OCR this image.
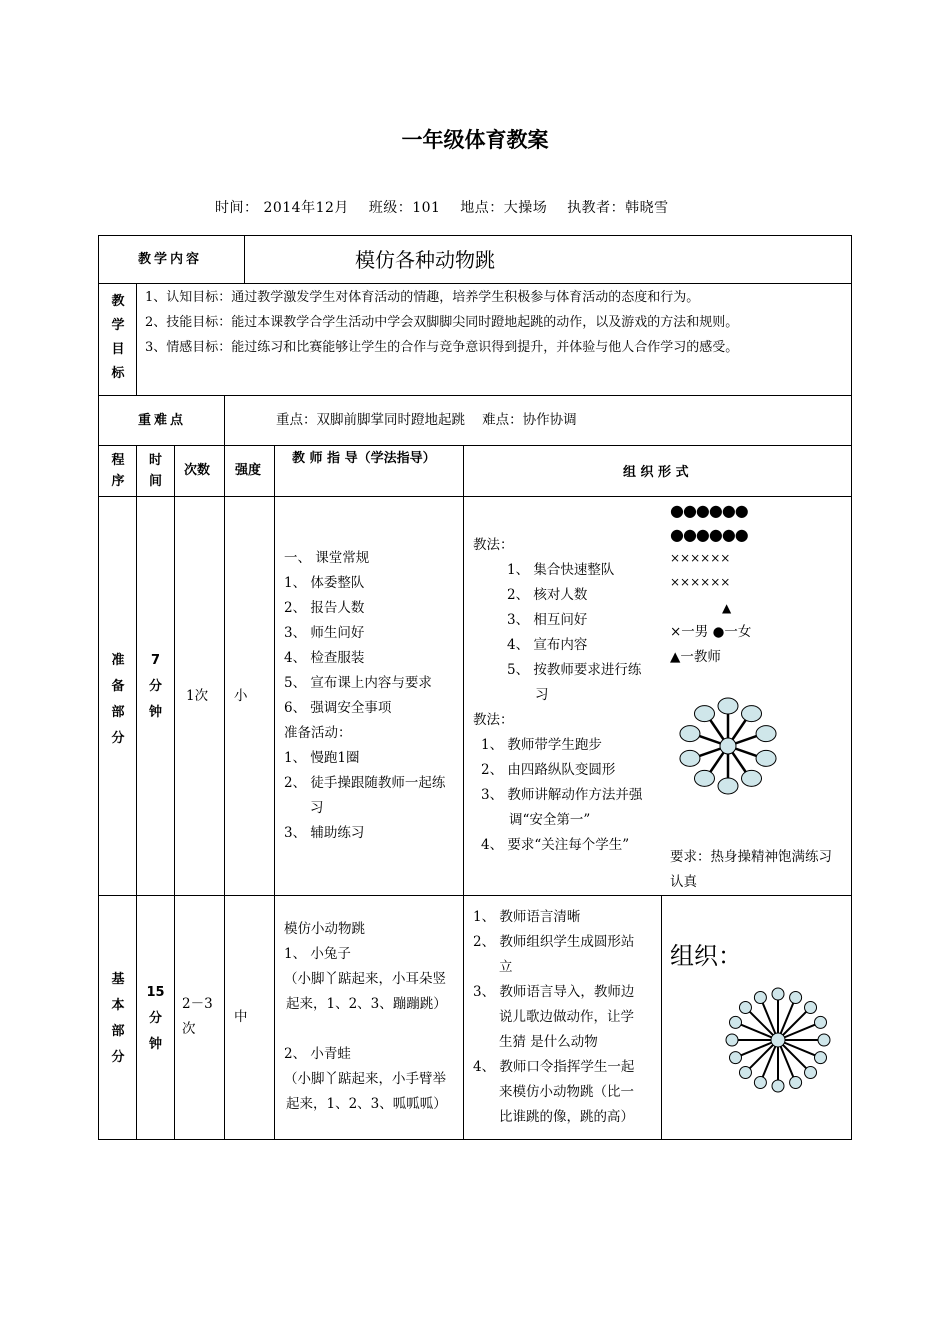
一年级体育教案
时间： 2014年12月 班级：101 地点：大操场 执教者：韩晓雪
教学内容	模仿各种动物跳
教
学
目
标
1、认知目标：通过教学激发学生对体育活动的情趣，培养学生积极参与体育活动的态度和行为。
2、技能目标：能过本课教学合学生活动中学会双脚脚尖同时蹬地起跳的动作，以及游戏的方法和规则。
3、情感目标：能过练习和比赛能够让学生的合作与竞争意识得到提升，并体验与他人合作学习的感受。
重难点	重点：双脚前脚掌同时蹬地起跳    难点：协作协调
程
序
时
间
次数 强度
教 师 指 导（学法指导）
组 织 形 式
准
备
部
分
7
分
钟
1次 小
一、 课堂常规
1、 体委整队
2、 报告人数
3、 师生问好
4、 检查服装
5、 宣布课上内容与要求
6、 强调安全事项
准备活动：
1、 慢跑1圈
2、 徒手操跟随教师一起练
习
3、 辅助练习
教法：
1、 集合快速整队
2、 核对人数
3、 相互问好
4、 宣布内容
5、 按教师要求进行练
习
教法：
1、 教师带学生跑步
2、 由四路纵队变圆形
3、 教师讲解动作方法并强
调“安全第一”
4、 要求“关注每个学生”
●●●●●●
●●●●●●
××××××
××××××
▲
×一男 ●一女
▲一教师
要求：热身操精神饱满练习
认真
基
本
部
分
15
分
钟
2－3
次
中
模仿小动物跳
1、 小兔子
（小脚丫踮起来，小耳朵竖
起来，1、2、3、蹦蹦跳）

2、 小青蛙
（小脚丫踮起来，小手臂举
起来，1、2、3、呱呱呱）
1、 教师语言清晰
2、 教师组织学生成圆形站
立
3、 教师语言导入，教师边
说儿歌边做动作，让学
生猜 是什么动物
4、 教师口令指挥学生一起
来模仿小动物跳（比一
比谁跳的像，跳的高）
组织：
